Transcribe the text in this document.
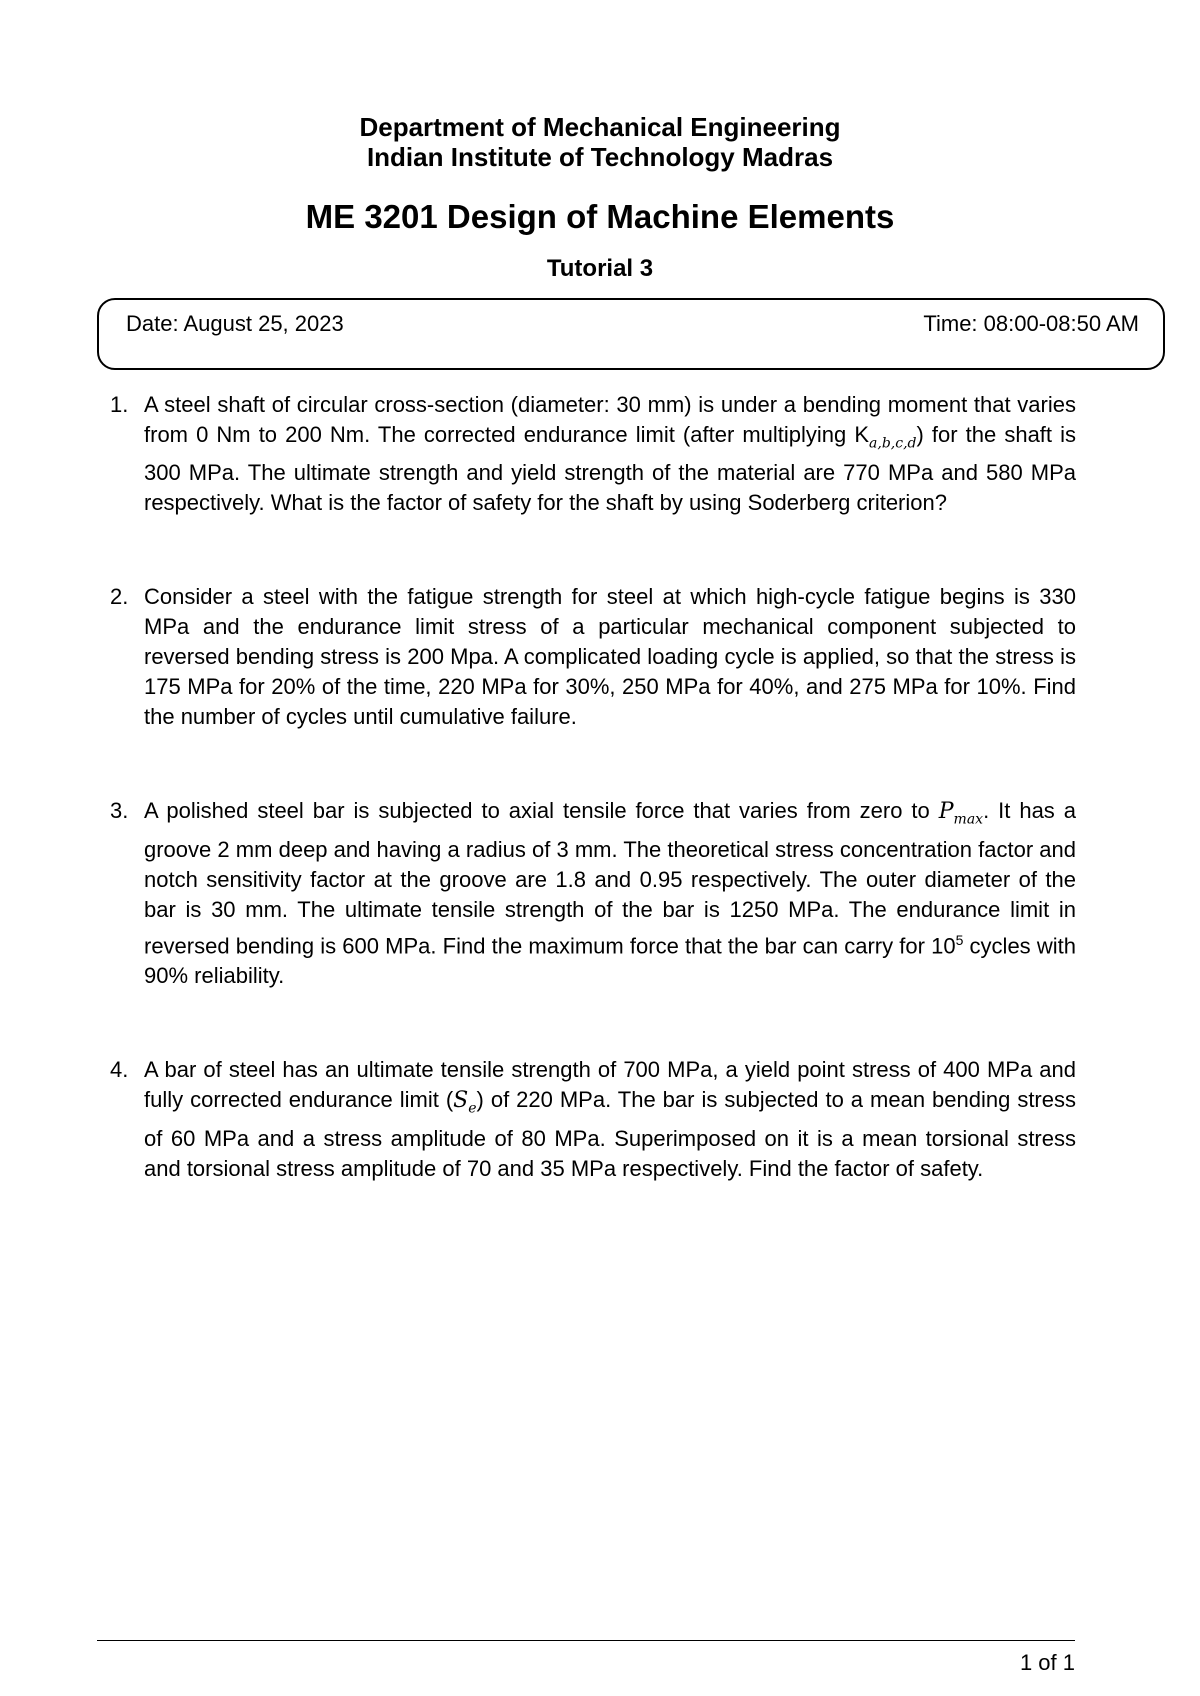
Department of Mechanical Engineering
Indian Institute of Technology Madras
ME 3201 Design of Machine Elements
Tutorial 3
Date: August 25, 2023	Time: 08:00-08:50 AM
1. A steel shaft of circular cross-section (diameter: 30 mm) is under a bending moment that varies from 0 Nm to 200 Nm. The corrected endurance limit (after multiplying $K_{a,b,c,d}$) for the shaft is 300 MPa. The ultimate strength and yield strength of the material are 770 MPa and 580 MPa respectively. What is the factor of safety for the shaft by using Soderberg criterion?
2. Consider a steel with the fatigue strength for steel at which high-cycle fatigue begins is 330 MPa and the endurance limit stress of a particular mechanical component subjected to reversed bending stress is 200 Mpa. A complicated loading cycle is applied, so that the stress is 175 MPa for 20% of the time, 220 MPa for 30%, 250 MPa for 40%, and 275 MPa for 10%. Find the number of cycles until cumulative failure.
3. A polished steel bar is subjected to axial tensile force that varies from zero to $P_{max}$. It has a groove 2 mm deep and having a radius of 3 mm. The theoretical stress concentration factor and notch sensitivity factor at the groove are 1.8 and 0.95 respectively. The outer diameter of the bar is 30 mm. The ultimate tensile strength of the bar is 1250 MPa. The endurance limit in reversed bending is 600 MPa. Find the maximum force that the bar can carry for $10^5$ cycles with 90% reliability.
4. A bar of steel has an ultimate tensile strength of 700 MPa, a yield point stress of 400 MPa and fully corrected endurance limit $(S_e)$ of 220 MPa. The bar is subjected to a mean bending stress of 60 MPa and a stress amplitude of 80 MPa. Superimposed on it is a mean torsional stress and torsional stress amplitude of 70 and 35 MPa respectively. Find the factor of safety.
1 of 1
